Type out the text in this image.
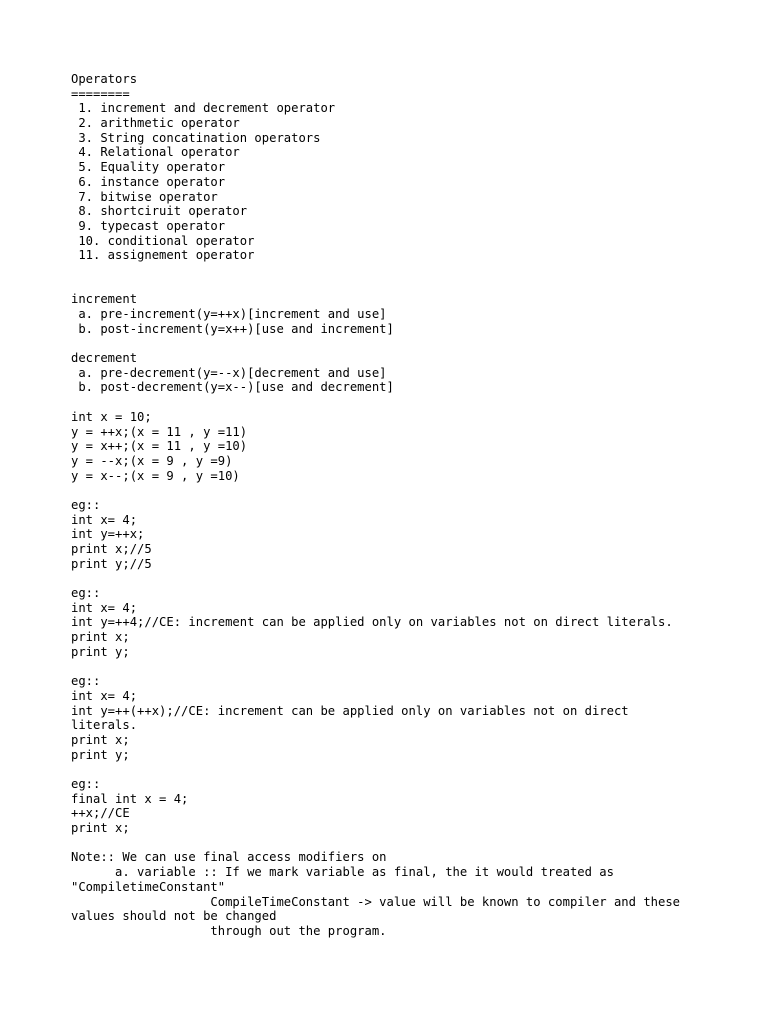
Operators
========
1. increment and decrement operator
2. arithmetic operator
3. String concatination operators
4. Relational operator
5. Equality operator
6. instance operator
7. bitwise operator
8. shortciruit operator
9. typecast operator
10. conditional operator
11. assignement operator
increment
a. pre-increment(y=++x)[increment and use]
b. post-increment(y=x++)[use and increment]
decrement
a. pre-decrement(y=--x)[decrement and use]
b. post-decrement(y=x--)[use and decrement]
int x = 10;
y = ++x;(x = 11 , y =11)
y = x++;(x = 11 , y =10)
y = --x;(x = 9 , y =9)
y = x--;(x = 9 , y =10)
eg::
int x= 4;
int y=++x;
print x;//5
print y;//5
eg::
int x= 4;
int y=++4;//CE: increment can be applied only on variables not on direct literals.
print x;
print y;
eg::
int x= 4;
int y=++(++x);//CE: increment can be applied only on variables not on direct
literals.
print x;
print y;
eg::
final int x = 4;
++x;//CE
print x;
Note:: We can use final access modifiers on
a. variable :: If we mark variable as final, the it would treated as
"CompiletimeConstant"
CompileTimeConstant -> value will be known to compiler and these
values should not be changed
through out the program.
